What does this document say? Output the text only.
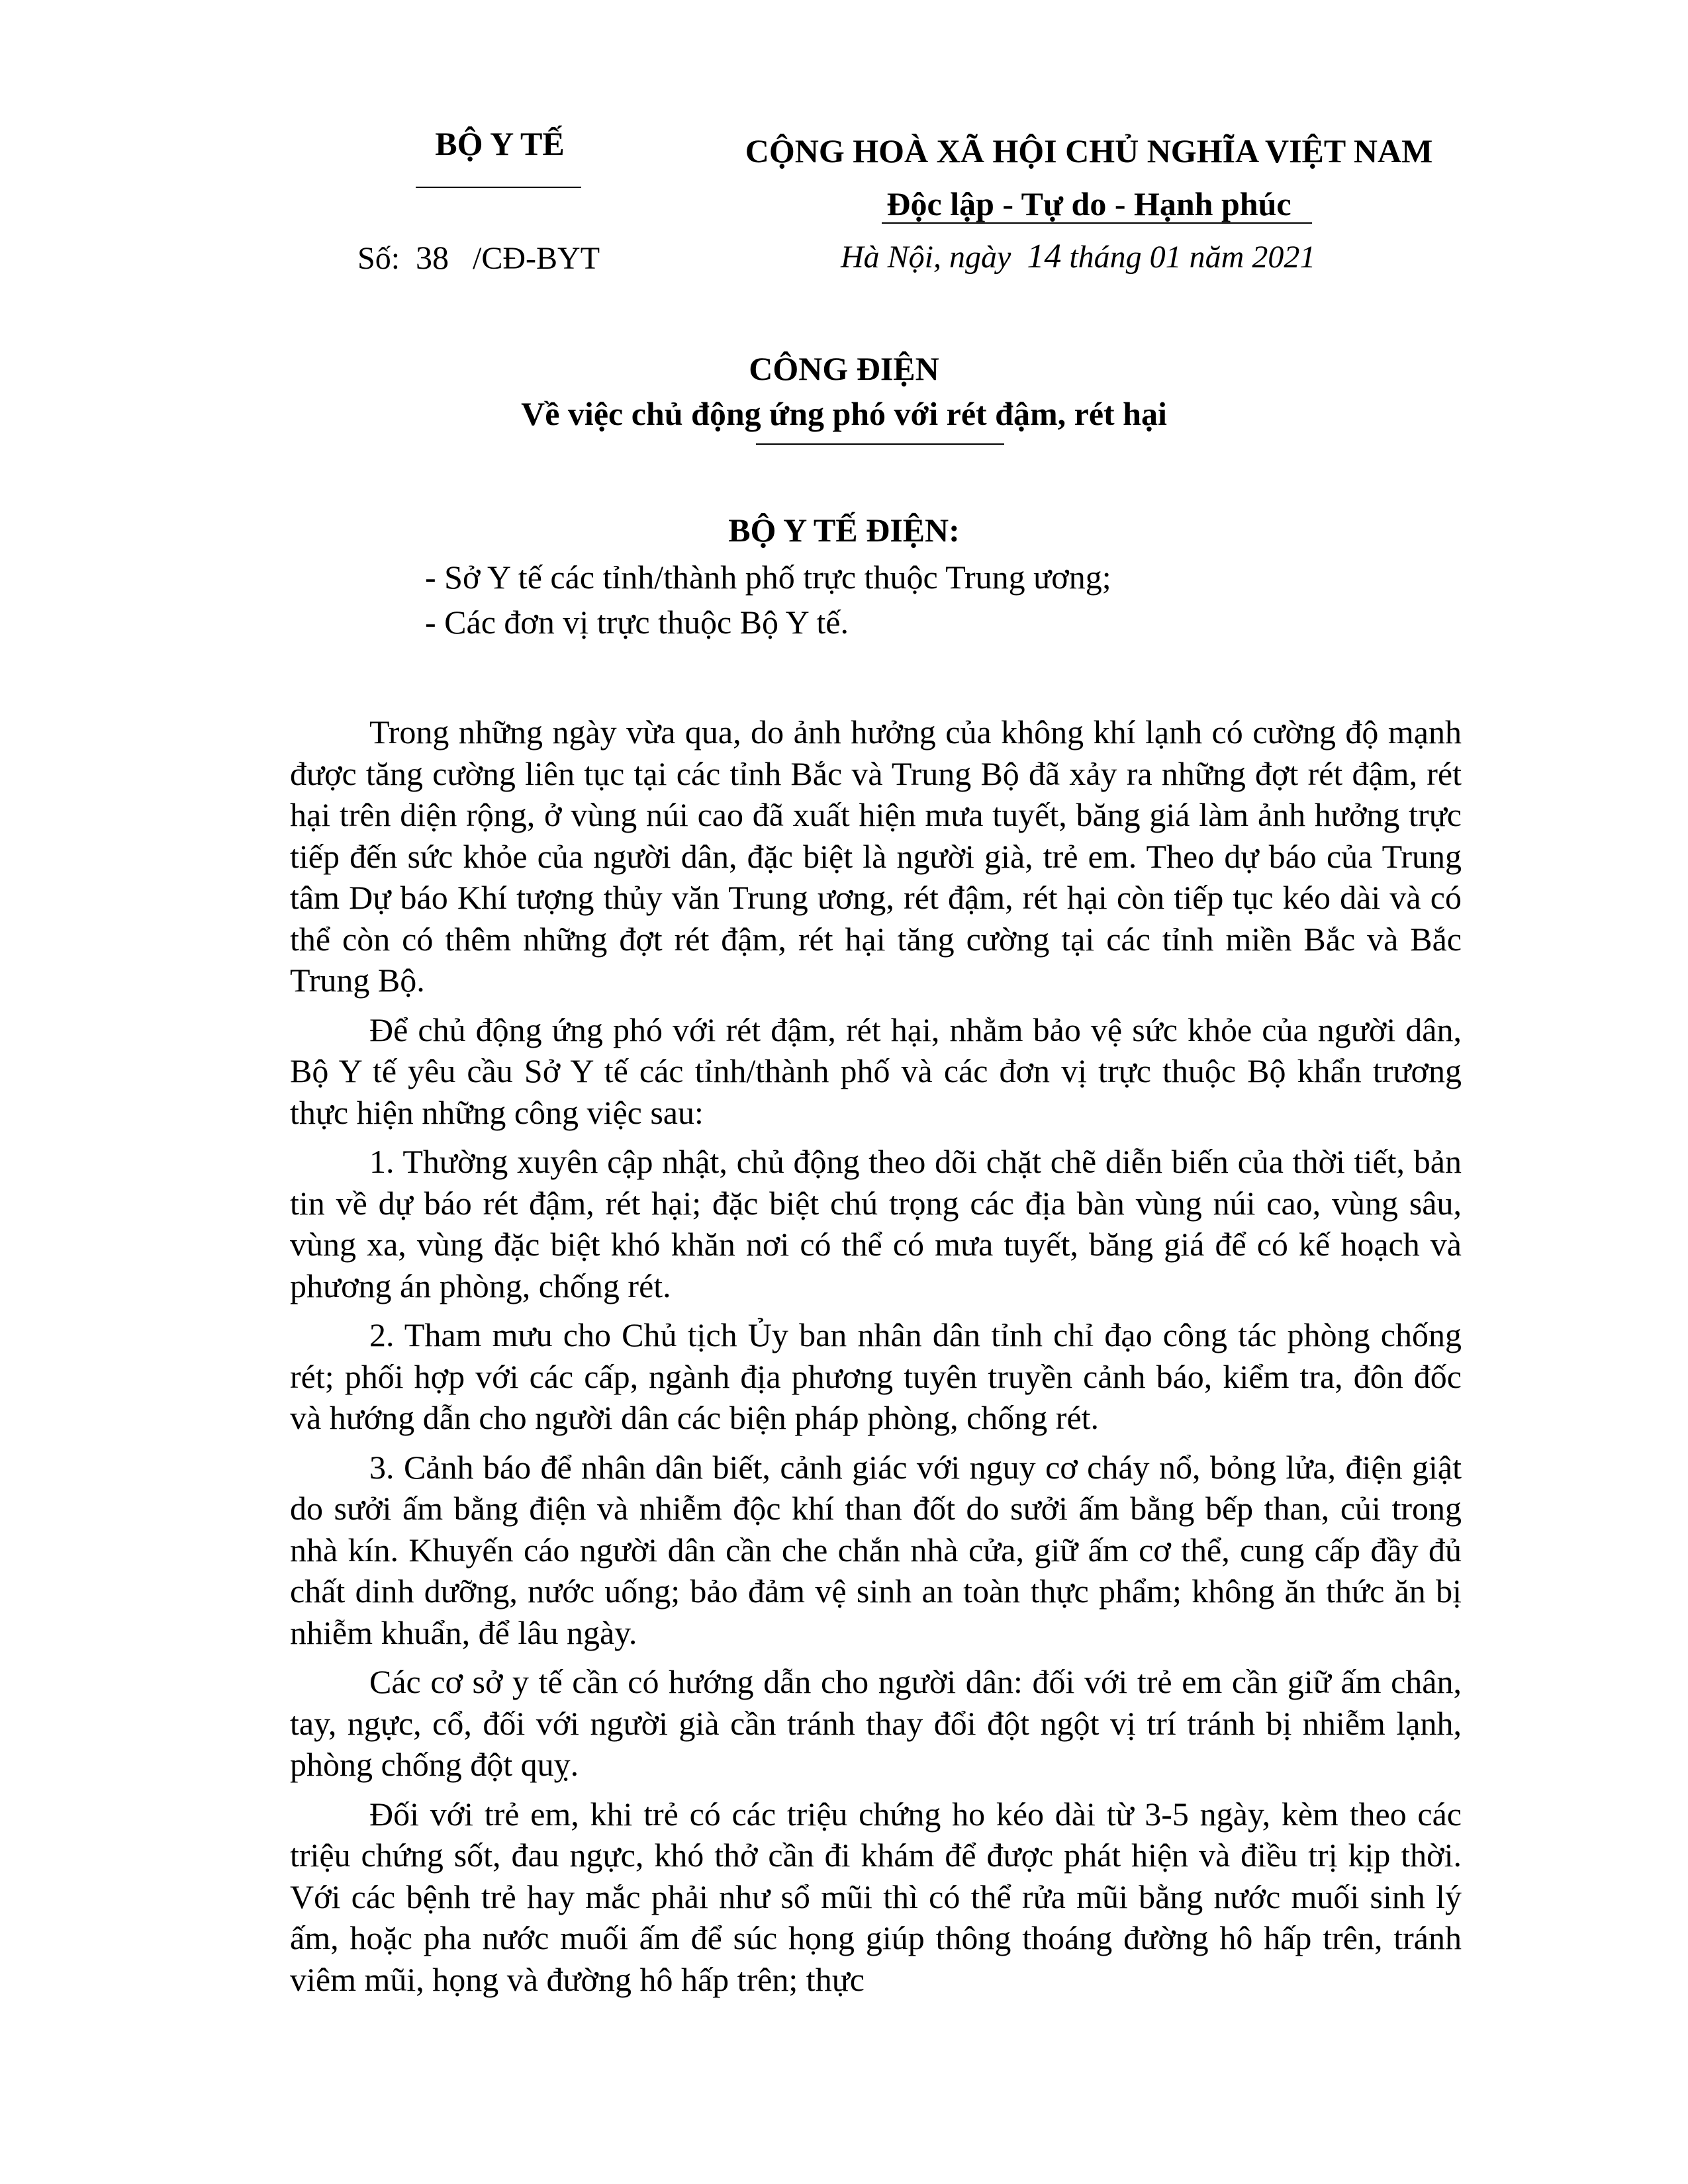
BỘ Y TẾ	CỘNG HOÀ XÃ HỘI CHỦ NGHĨA VIỆT NAM
Độc lập - Tự do - Hạnh phúc
Số: 38 /CĐ-BYT	Hà Nội, ngày 14 tháng 01 năm 2021
CÔNG ĐIỆN
Về việc chủ động ứng phó với rét đậm, rét hại
BỘ Y TẾ ĐIỆN:
- Sở Y tế các tỉnh/thành phố trực thuộc Trung ương;
- Các đơn vị trực thuộc Bộ Y tế.

Trong những ngày vừa qua, do ảnh hưởng của không khí lạnh có cường độ mạnh được tăng cường liên tục tại các tỉnh Bắc và Trung Bộ đã xảy ra những đợt rét đậm, rét hại trên diện rộng, ở vùng núi cao đã xuất hiện mưa tuyết, băng giá làm ảnh hưởng trực tiếp đến sức khỏe của người dân, đặc biệt là người già, trẻ em. Theo dự báo của Trung tâm Dự báo Khí tượng thủy văn Trung ương, rét đậm, rét hại còn tiếp tục kéo dài và có thể còn có thêm những đợt rét đậm, rét hại tăng cường tại các tỉnh miền Bắc và Bắc Trung Bộ.

Để chủ động ứng phó với rét đậm, rét hại, nhằm bảo vệ sức khỏe của người dân, Bộ Y tế yêu cầu Sở Y tế các tỉnh/thành phố và các đơn vị trực thuộc Bộ khẩn trương thực hiện những công việc sau:

1. Thường xuyên cập nhật, chủ động theo dõi chặt chẽ diễn biến của thời tiết, bản tin về dự báo rét đậm, rét hại; đặc biệt chú trọng các địa bàn vùng núi cao, vùng sâu, vùng xa, vùng đặc biệt khó khăn nơi có thể có mưa tuyết, băng giá để có kế hoạch và phương án phòng, chống rét.

2. Tham mưu cho Chủ tịch Ủy ban nhân dân tỉnh chỉ đạo công tác phòng chống rét; phối hợp với các cấp, ngành địa phương tuyên truyền cảnh báo, kiểm tra, đôn đốc và hướng dẫn cho người dân các biện pháp phòng, chống rét.

3. Cảnh báo để nhân dân biết, cảnh giác với nguy cơ cháy nổ, bỏng lửa, điện giật do sưởi ấm bằng điện và nhiễm độc khí than đốt do sưởi ấm bằng bếp than, củi trong nhà kín. Khuyến cáo người dân cần che chắn nhà cửa, giữ ấm cơ thể, cung cấp đầy đủ chất dinh dưỡng, nước uống; bảo đảm vệ sinh an toàn thực phẩm; không ăn thức ăn bị nhiễm khuẩn, để lâu ngày.

Các cơ sở y tế cần có hướng dẫn cho người dân: đối với trẻ em cần giữ ấm chân, tay, ngực, cổ, đối với người già cần tránh thay đổi đột ngột vị trí tránh bị nhiễm lạnh, phòng chống đột quỵ.

Đối với trẻ em, khi trẻ có các triệu chứng ho kéo dài từ 3-5 ngày, kèm theo các triệu chứng sốt, đau ngực, khó thở cần đi khám để được phát hiện và điều trị kịp thời. Với các bệnh trẻ hay mắc phải như sổ mũi thì có thể rửa mũi bằng nước muối sinh lý ấm, hoặc pha nước muối ấm để súc họng giúp thông thoáng đường hô hấp trên, tránh viêm mũi, họng và đường hô hấp trên; thực
